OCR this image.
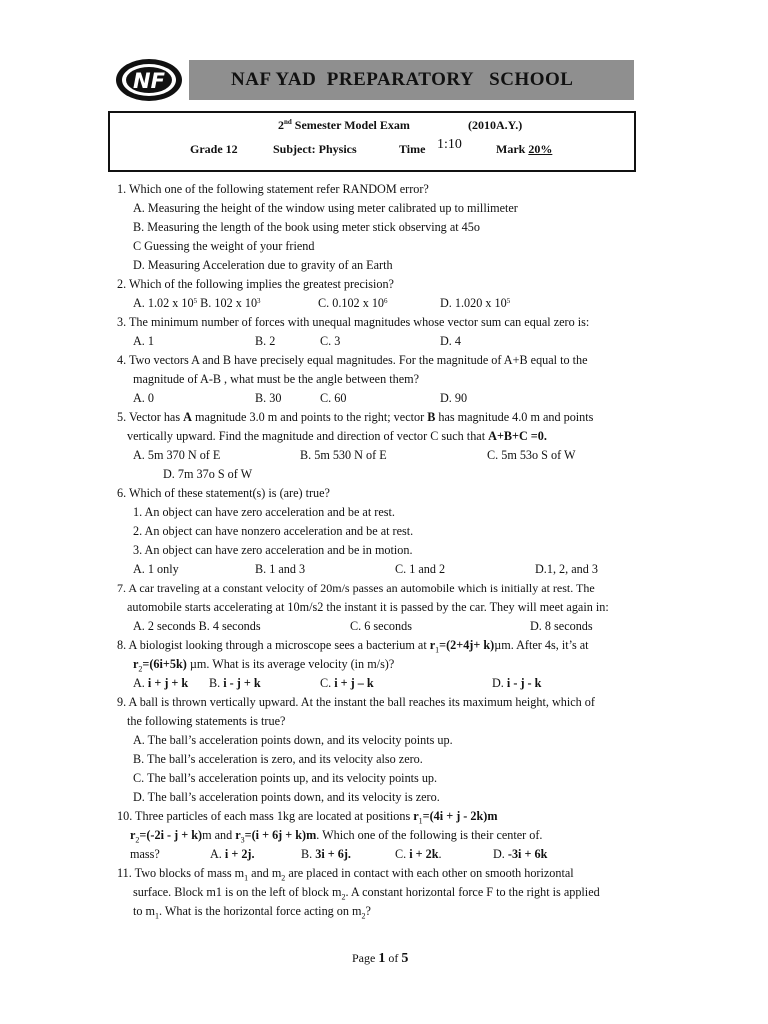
NF	NAF YAD  PREPARATORY   SCHOOL
2nd Semester Model Exam	(2010A.Y.)
Grade 12	Subject: Physics	Time 1:10	Mark 20%
1. Which one of the following statement refer RANDOM error?
A. Measuring the height of the window using meter calibrated up to millimeter
B. Measuring the length of the book using meter stick observing at 45o
C Guessing the weight of your friend
D. Measuring Acceleration due to gravity of an Earth
2. Which of the following implies the greatest precision?
A. 1.02 x $10^5$ B. 102 x $10^3$	C. 0.102 x $10^6$	D. 1.020 x $10^5$
3. The minimum number of forces with unequal magnitudes whose vector sum can equal zero is:
A. 1	B. 2	C. 3	D. 4
4. Two vectors A and B have precisely equal magnitudes. For the magnitude of A+B equal to the
magnitude of A-B , what must be the angle between them?
A. 0	B. 30	C. 60	D. 90
5. Vector has A magnitude 3.0 m and points to the right; vector B has magnitude 4.0 m and points
vertically upward. Find the magnitude and direction of vector C such that A+B+C =0.
A. 5m 370 N of E	B. 5m 530 N of E	C. 5m 53o S of W
D. 7m 37o S of W
6. Which of these statement(s) is (are) true?
1. An object can have zero acceleration and be at rest.
2. An object can have nonzero acceleration and be at rest.
3. An object can have zero acceleration and be in motion.
A. 1 only	B. 1 and 3	C. 1 and 2	D.1, 2, and 3
7. A car traveling at a constant velocity of 20m/s passes an automobile which is initially at rest. The
automobile starts accelerating at 10m/s2 the instant it is passed by the car. They will meet again in:
A. 2 seconds B. 4 seconds	C. 6 seconds	D. 8 seconds
8. A biologist looking through a microscope sees a bacterium at $r_1=(2+4j+ k)\mu m$. After 4s, it’s at
$r_2=(6i+5k)$ µm. What is its average velocity (in m/s)?
A. i + j + k B. i - j + k	C. i + j – k	D. i - j - k
9. A ball is thrown vertically upward. At the instant the ball reaches its maximum height, which of
the following statements is true?
A. The ball’s acceleration points down, and its velocity points up.
B. The ball’s acceleration is zero, and its velocity also zero.
C. The ball’s acceleration points up, and its velocity points up.
D. The ball’s acceleration points down, and its velocity is zero.
10. Three particles of each mass 1kg are located at positions $r_1=(4i + j - 2k)m$
$r_2=(-2i - j + k)m$ and $r_3=(i + 6j + k)m$. Which one of the following is their center of.
mass?	A. i + 2j.	B. 3i + 6j.	C. i + 2k.	D. -3i + 6k
11. Two blocks of mass $m_1$ and $m_2$ are placed in contact with each other on smooth horizontal
surface. Block m1 is on the left of block $m_2$. A constant horizontal force F to the right is applied
to $m_1$. What is the horizontal force acting on $m_2$?
Page 1 of 5
